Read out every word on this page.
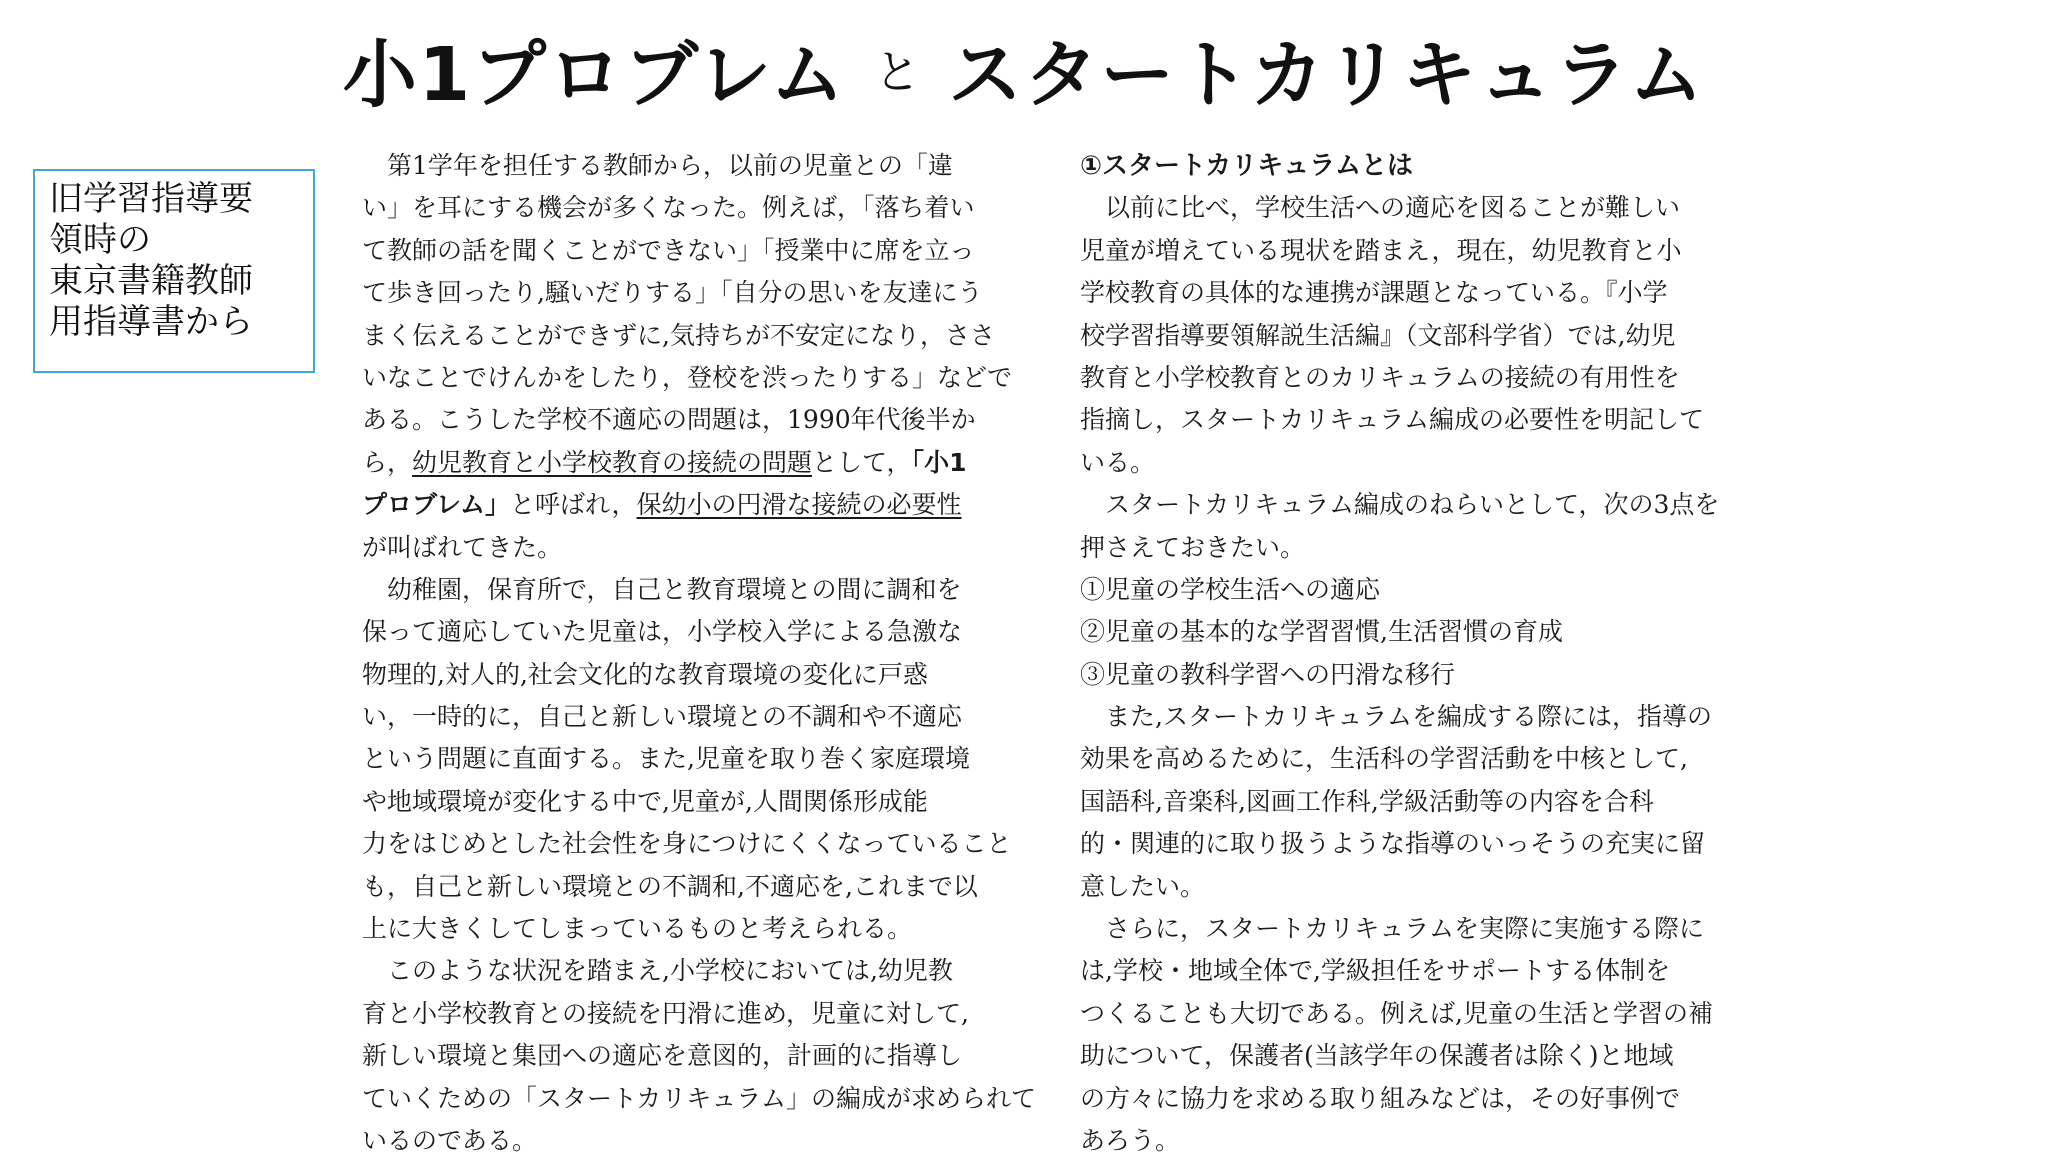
小1プロブレム と スタートカリキュラム
旧学習指導要
領時の
東京書籍教師
用指導書から
　第1学年を担任する教師から，以前の児童との「違
い」を耳にする機会が多くなった。例えば，「落ち着い
て教師の話を聞くことができない」「授業中に席を立っ
て歩き回ったり,騒いだりする」「自分の思いを友達にう
まく伝えることができずに,気持ちが不安定になり，ささ
いなことでけんかをしたり，登校を渋ったりする」などで
ある。こうした学校不適応の問題は，1990年代後半か
ら，幼児教育と小学校教育の接続の問題として，「小1
プロブレム」と呼ばれ，保幼小の円滑な接続の必要性
が叫ばれてきた。
　幼稚園，保育所で，自己と教育環境との間に調和を
保って適応していた児童は，小学校入学による急激な
物理的,対人的,社会文化的な教育環境の変化に戸惑
い，一時的に，自己と新しい環境との不調和や不適応
という問題に直面する。また,児童を取り巻く家庭環境
や地域環境が変化する中で,児童が,人間関係形成能
力をはじめとした社会性を身につけにくくなっていること
も，自己と新しい環境との不調和,不適応を,これまで以
上に大きくしてしまっているものと考えられる。
　このような状況を踏まえ,小学校においては,幼児教
育と小学校教育との接続を円滑に進め，児童に対して,
新しい環境と集団への適応を意図的，計画的に指導し
ていくための「スタートカリキュラム」の編成が求められて
いるのである。
①スタートカリキュラムとは
　以前に比べ，学校生活への適応を図ることが難しい
児童が増えている現状を踏まえ，現在，幼児教育と小
学校教育の具体的な連携が課題となっている。『小学
校学習指導要領解説生活編』（文部科学省）では,幼児
教育と小学校教育とのカリキュラムの接続の有用性を
指摘し，スタートカリキュラム編成の必要性を明記して
いる。
　スタートカリキュラム編成のねらいとして，次の3点を
押さえておきたい。
①児童の学校生活への適応
②児童の基本的な学習習慣,生活習慣の育成
③児童の教科学習への円滑な移行
　また,スタートカリキュラムを編成する際には，指導の
効果を高めるために，生活科の学習活動を中核として,
国語科,音楽科,図画工作科,学級活動等の内容を合科
的・関連的に取り扱うような指導のいっそうの充実に留
意したい。
　さらに，スタートカリキュラムを実際に実施する際に
は,学校・地域全体で,学級担任をサポートする体制を
つくることも大切である。例えば,児童の生活と学習の補
助について，保護者(当該学年の保護者は除く)と地域
の方々に協力を求める取り組みなどは，その好事例で
あろう。
